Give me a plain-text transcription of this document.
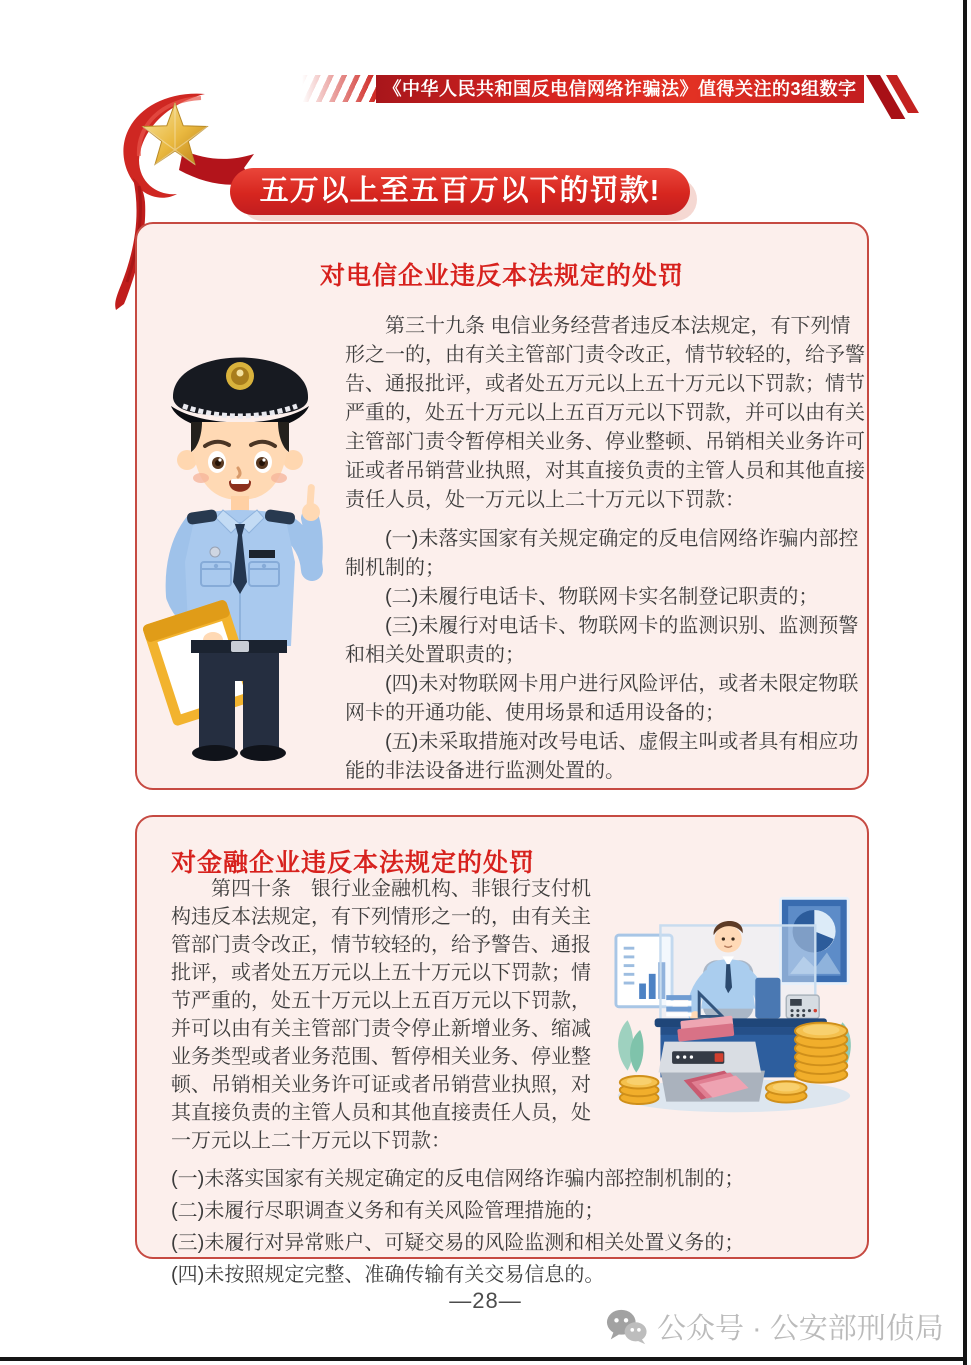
《中华人民共和国反电信网络诈骗法》值得关注的3组数字
五万以上至五百万以下的罚款!
对电信企业违反本法规定的处罚

第三十九条 电信业务经营者违反本法规定，有下列情形之一的，由有关主管部门责令改正，情节较轻的，给予警告、通报批评，或者处五万元以上五十万元以下罚款；情节严重的，处五十万元以上五百万元以下罚款，并可以由有关主管部门责令暂停相关业务、停业整顿、吊销相关业务许可证或者吊销营业执照，对其直接负责的主管人员和其他直接责任人员，处一万元以上二十万元以下罚款：

(一)未落实国家有关规定确定的反电信网络诈骗内部控制机制的；

(二)未履行电话卡、物联网卡实名制登记职责的；

(三)未履行对电话卡、物联网卡的监测识别、监测预警和相关处置职责的；

(四)未对物联网卡用户进行风险评估，或者未限定物联网卡的开通功能、使用场景和适用设备的；

(五)未采取措施对改号电话、虚假主叫或者具有相应功能的非法设备进行监测处置的。

对金融企业违反本法规定的处罚

第四十条　银行业金融机构、非银行支付机构违反本法规定，有下列情形之一的，由有关主管部门责令改正，情节较轻的，给予警告、通报批评，或者处五万元以上五十万元以下罚款；情节严重的，处五十万元以上五百万元以下罚款，并可以由有关主管部门责令停止新增业务、缩减业务类型或者业务范围、暂停相关业务、停业整顿、吊销相关业务许可证或者吊销营业执照，对其直接负责的主管人员和其他直接责任人员，处一万元以上二十万元以下罚款：

(一)未落实国家有关规定确定的反电信网络诈骗内部控制机制的；

(二)未履行尽职调查义务和有关风险管理措施的；

(三)未履行对异常账户、可疑交易的风险监测和相关处置义务的；

(四)未按照规定完整、准确传输有关交易信息的。

—28—
公众号 · 公安部刑侦局
